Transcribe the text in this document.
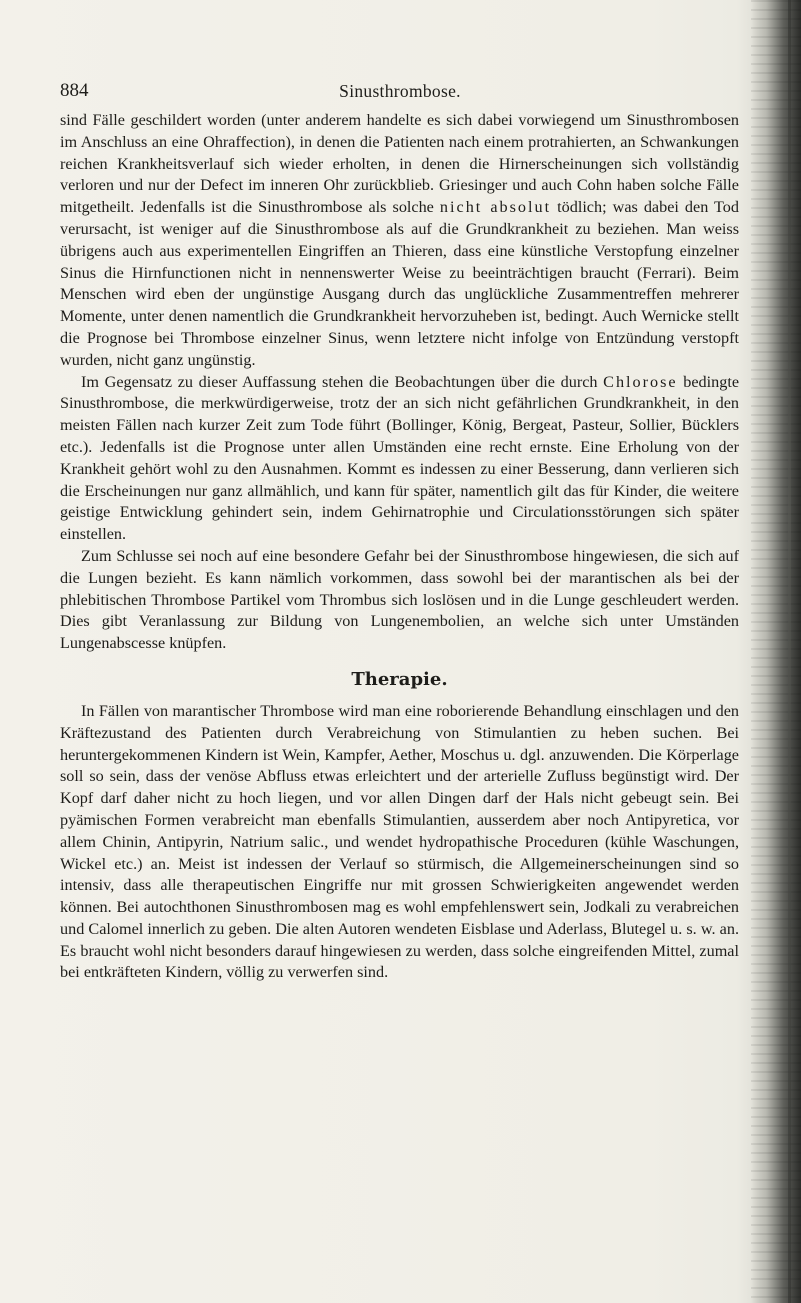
884	Sinusthrombose.

sind Fälle geschildert worden (unter anderem handelte es sich dabei vorwiegend um Sinusthrombosen im Anschluss an eine Ohraffection), in denen die Patienten nach einem protrahierten, an Schwankungen reichen Krankheitsverlauf sich wieder erholten, in denen die Hirnerscheinungen sich vollständig verloren und nur der Defect im inneren Ohr zurückblieb. Griesinger und auch Cohn haben solche Fälle mitgetheilt. Jedenfalls ist die Sinusthrombose als solche nicht absolut tödlich; was dabei den Tod verursacht, ist weniger auf die Sinusthrombose als auf die Grundkrankheit zu beziehen. Man weiss übrigens auch aus experimentellen Eingriffen an Thieren, dass eine künstliche Verstopfung einzelner Sinus die Hirnfunctionen nicht in nennenswerter Weise zu beeinträchtigen braucht (Ferrari). Beim Menschen wird eben der ungünstige Ausgang durch das unglückliche Zusammentreffen mehrerer Momente, unter denen namentlich die Grundkrankheit hervorzuheben ist, bedingt. Auch Wernicke stellt die Prognose bei Thrombose einzelner Sinus, wenn letztere nicht infolge von Entzündung verstopft wurden, nicht ganz ungünstig.

Im Gegensatz zu dieser Auffassung stehen die Beobachtungen über die durch Chlorose bedingte Sinusthrombose, die merkwürdigerweise, trotz der an sich nicht gefährlichen Grundkrankheit, in den meisten Fällen nach kurzer Zeit zum Tode führt (Bollinger, König, Bergeat, Pasteur, Sollier, Bücklers etc.). Jedenfalls ist die Prognose unter allen Umständen eine recht ernste. Eine Erholung von der Krankheit gehört wohl zu den Ausnahmen. Kommt es indessen zu einer Besserung, dann verlieren sich die Erscheinungen nur ganz allmählich, und kann für später, namentlich gilt das für Kinder, die weitere geistige Entwicklung gehindert sein, indem Gehirnatrophie und Circulationsstörungen sich später einstellen.

Zum Schlusse sei noch auf eine besondere Gefahr bei der Sinusthrombose hingewiesen, die sich auf die Lungen bezieht. Es kann nämlich vorkommen, dass sowohl bei der marantischen als bei der phlebitischen Thrombose Partikel vom Thrombus sich loslösen und in die Lunge geschleudert werden. Dies gibt Veranlassung zur Bildung von Lungenembolien, an welche sich unter Umständen Lungenabscesse knüpfen.

Therapie.

In Fällen von marantischer Thrombose wird man eine roborierende Behandlung einschlagen und den Kräftezustand des Patienten durch Verabreichung von Stimulantien zu heben suchen. Bei heruntergekommenen Kindern ist Wein, Kampfer, Aether, Moschus u. dgl. anzuwenden. Die Körperlage soll so sein, dass der venöse Abfluss etwas erleichtert und der arterielle Zufluss begünstigt wird. Der Kopf darf daher nicht zu hoch liegen, und vor allen Dingen darf der Hals nicht gebeugt sein. Bei pyämischen Formen verabreicht man ebenfalls Stimulantien, ausserdem aber noch Antipyretica, vor allem Chinin, Antipyrin, Natrium salic., und wendet hydropathische Proceduren (kühle Waschungen, Wickel etc.) an. Meist ist indessen der Verlauf so stürmisch, die Allgemeinerscheinungen sind so intensiv, dass alle therapeutischen Eingriffe nur mit grossen Schwierigkeiten angewendet werden können. Bei autochthonen Sinusthrombosen mag es wohl empfehlenswert sein, Jodkali zu verabreichen und Calomel innerlich zu geben. Die alten Autoren wendeten Eisblase und Aderlass, Blutegel u. s. w. an. Es braucht wohl nicht besonders darauf hingewiesen zu werden, dass solche eingreifenden Mittel, zumal bei entkräfteten Kindern, völlig zu verwerfen sind.
